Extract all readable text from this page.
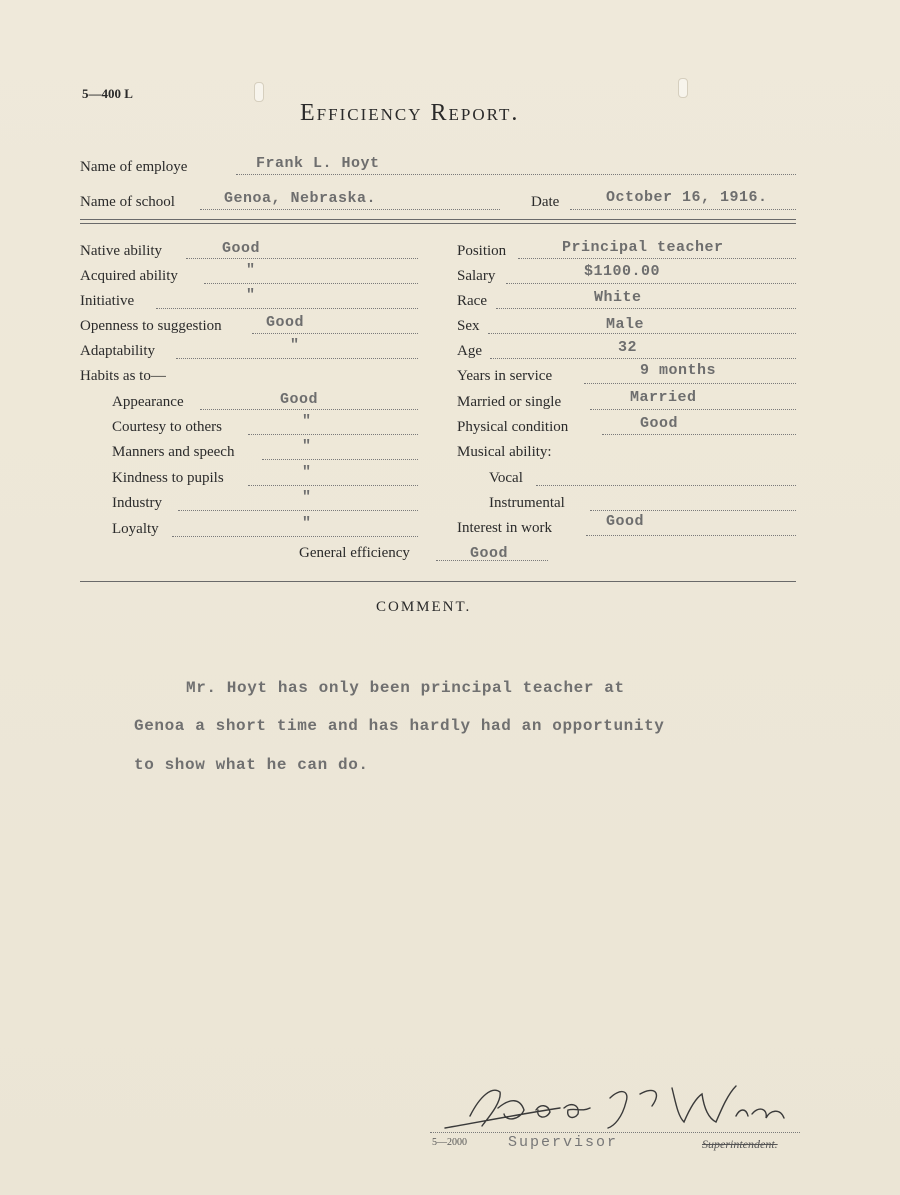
5—400 L
Efficiency Report.
Name of employe	Frank L. Hoyt
Name of school	Genoa, Nebraska.	Date	October 16, 1916.
Native ability	Good
Acquired ability	"
Initiative	"
Openness to suggestion	Good
Adaptability	"
Habits as to—
Appearance	Good
Courtesy to others	"
Manners and speech	"
Kindness to pupils	"
Industry	"
Loyalty	"
Position	Principal teacher
Salary	$1100.00
Race	White
Sex	Male
Age	32
Years in service	9 months
Married or single	Married
Physical condition	Good
Musical ability:
Vocal
Instrumental
Interest in work	Good
General efficiency	Good
COMMENT.
Mr. Hoyt has only been principal teacher at
Genoa a short time and has hardly had an opportunity
to show what he can do.
5—2000	Supervisor	Superintendent.
